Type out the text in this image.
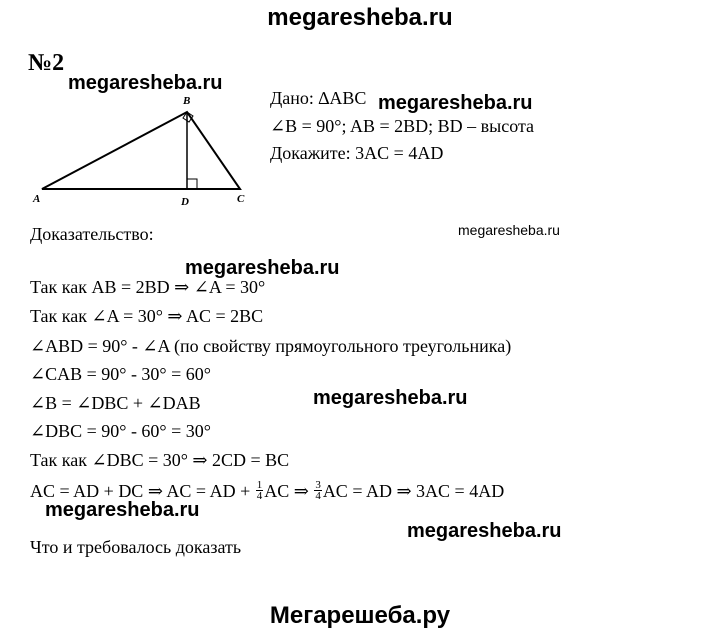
megaresheba.ru
№2
A
B
C
D
Дано: ∆ABC
∠B = 90°; AB = 2BD; BD – высота
Докажите: 3AC = 4AD
Доказательство:
Так как AB = 2BD ⇒ ∠A = 30°
Так как ∠A = 30° ⇒ AC = 2BC
∠ABD = 90° - ∠A (по свойству прямоугольного треугольника)
∠CAB = 90° - 30° = 60°
∠B = ∠DBC + ∠DAB
∠DBC = 90° - 60° = 30°
Так как ∠DBC = 30° ⇒ 2CD = BC
AC = AD + DC ⇒ AC = AD + $\frac{1}{4}$ AC ⇒ $\frac{3}{4}$ AC = AD ⇒ 3AC = 4AD
Что и требовалось доказать
megaresheba.ru
megaresheba.ru
megaresheba.ru
megaresheba.ru
megaresheba.ru
megaresheba.ru
megaresheba.ru
Мегарешеба.ру
